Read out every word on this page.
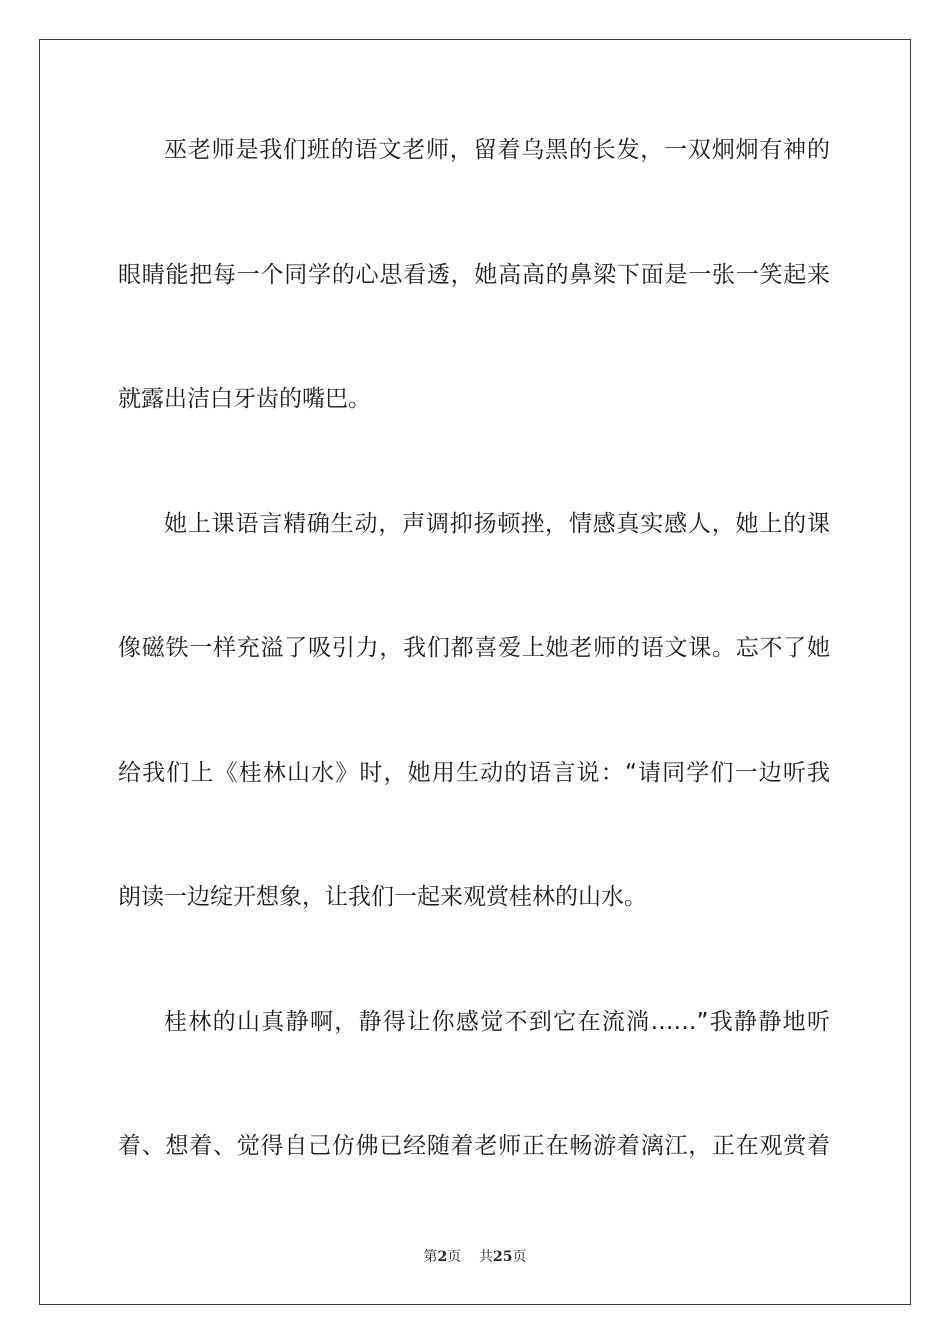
巫老师是我们班的语文老师，留着乌黑的长发，一双炯炯有神的
眼睛能把每一个同学的心思看透，她高高的鼻梁下面是一张一笑起来
就露出洁白牙齿的嘴巴。
她上课语言精确生动，声调抑扬顿挫，情感真实感人，她上的课
像磁铁一样充溢了吸引力，我们都喜爱上她老师的语文课。忘不了她
给我们上《桂林山水》时，她用生动的语言说：“请同学们一边听我
朗读一边绽开想象，让我们一起来观赏桂林的山水。
桂林的山真静啊，静得让你感觉不到它在流淌……”我静静地听
着、想着、觉得自己仿佛已经随着老师正在畅游着漓江，正在观赏着
第2页 共25页
